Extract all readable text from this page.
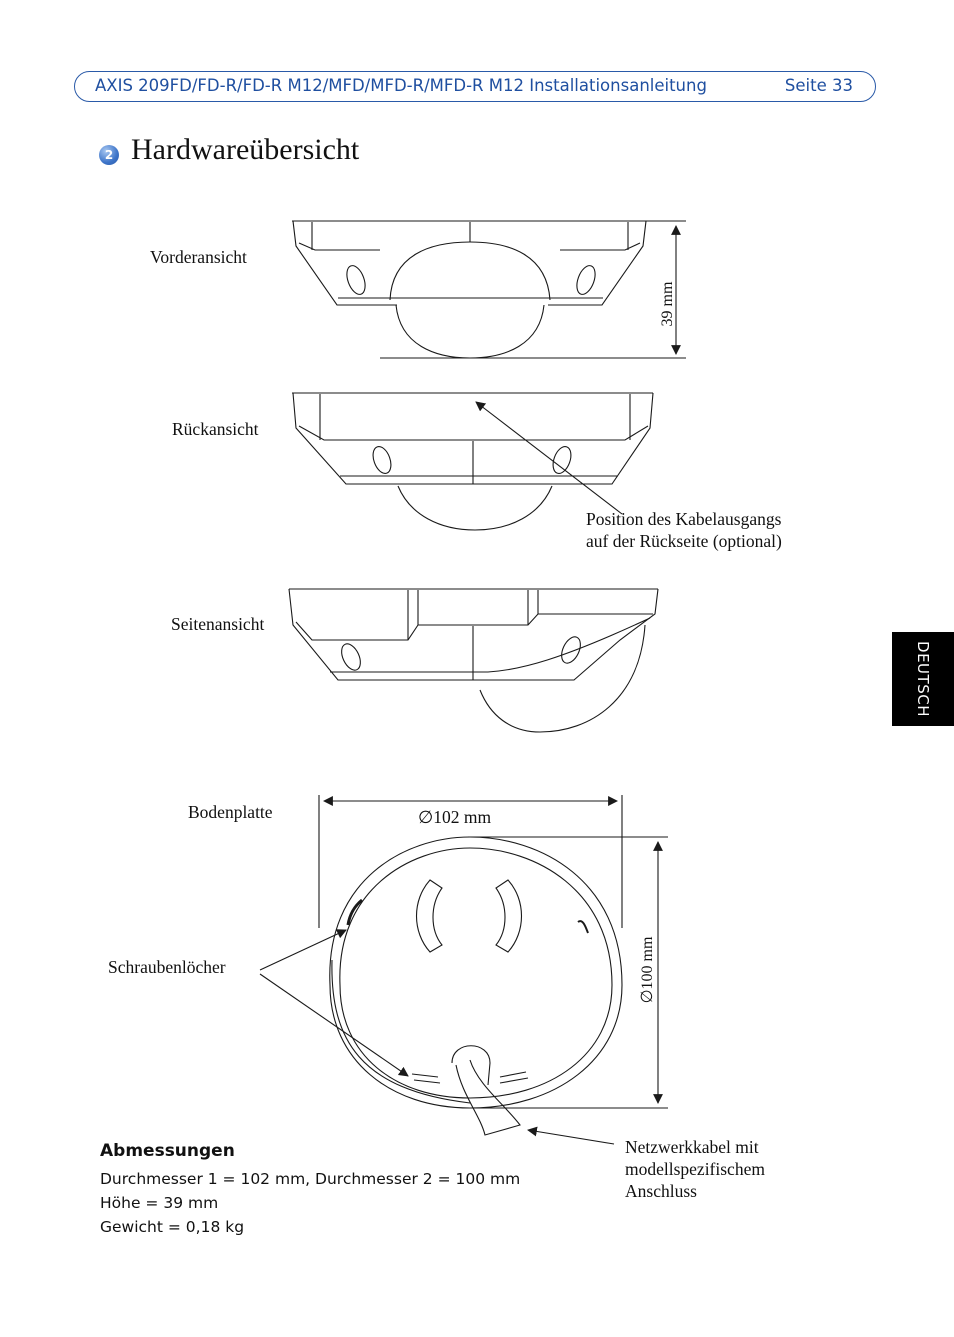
AXIS 209FD/FD-R/FD-R M12/MFD/MFD-R/MFD-R M12 Installationsanleitung	Seite 33
2 Hardwareübersicht
DEUTSCH
Vorderansicht
Rückansicht
Seitenansicht
Bodenplatte
39 mm
Position des Kabelausgangs
auf der Rückseite (optional)
∅102 mm
∅100 mm
Schraubenlöcher
Netzwerkkabel mit
modellspezifischem
Anschluss
Abmessungen
Durchmesser 1 = 102 mm, Durchmesser 2 = 100 mm
Höhe = 39 mm
Gewicht = 0,18 kg
